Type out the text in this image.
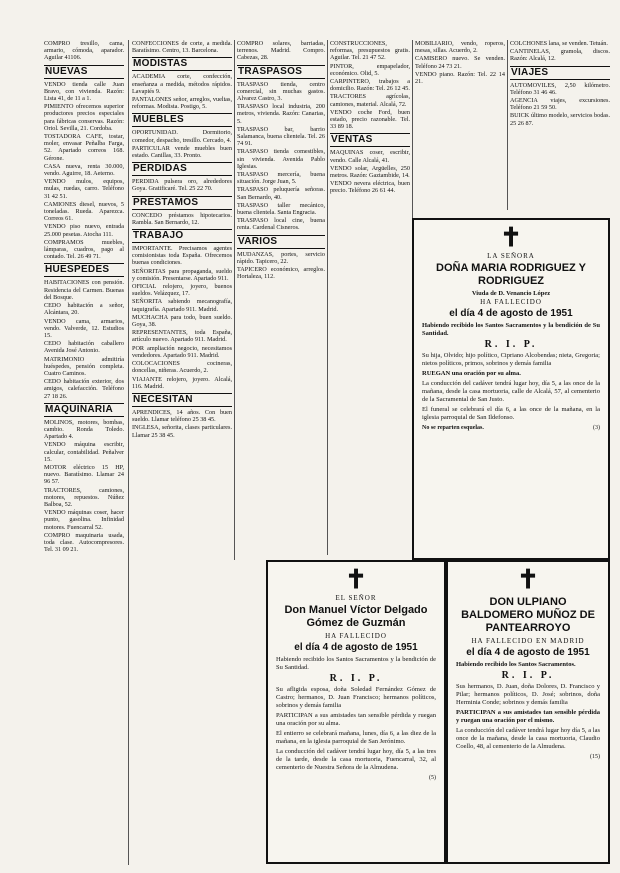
COMPRO tresillo, cama, armario, cómoda, aparador. Aguilar 41106.

ÑUEVAS

VENDO tienda calle Juan Bravo, con vivienda. Razón: Lista 41, de 11 a 1.

PIMIENTO ofrecemos superior productores precios especiales para fábricas conservas. Razón: Oriol. Sevilla, 21. Cordoba.

TOSTADORA CAFE, tostar, moler, envasar Peñalba Farga, 52. Apartado correos 168. Gérone.

CASA nueva, renta 30.000, vendo. Aguirre, 18. Aeterno.

VENDO mulos, equipos, mulas, ruedas, carro. Teléfono 31 42 51.

CAMIONES diesel, nuevos, 5 toneladas. Rueda. Aparezca. Correos 61.

VENDO piso nuevo, entrada 25.000 pesetas. Atocha 111.

COMPRAMOS muebles, lámparas, cuadros, pago al contado. Tel. 26 49 71.

HUESPEDES

HABITACIONES con pensión. Residencia del Carmen. Buenas del Bosque.

CEDO habitación a señor, Alcántara, 20.

VENDO cama, armarios, vendo. Valverde, 12. Estudios 15.

CEDO habitación caballero Avenida José Antonio.

MATRIMONIO admitiría huéspedes, pensión completa. Cuatro Caminos.

CEDO habitación exterior, dos amigos, calefacción. Teléfono 27 18 26.

MAQUINARIA

MOLINOS, motores, bombas, cambio. Ronda Toledo. Apartado 4.

VENDO máquina escribir, calcular, contabilidad. Peñalver 15.

MOTOR eléctrico 15 HP, nuevo. Baratísimo. Llamar 24 96 57.

TRACTORES, camiones, motores, repuestos. Núñez Balboa, 52.

VENDO máquinas coser, hacer punto, gasolina. Infinidad motores. Fuencarral 52.

COMPRO maquinaria usada, toda clase. Autocompresores. Tel. 31 09 21.

CONFECCIONES de corte, a medida. Baratísimo. Centro, 13. Barcelona.

MODISTAS

ACADEMIA corte, confección, enseñanza a medida, métodos rápidos. Lavapiés 9.

PANTALONES señor, arreglos, vueltas, reformas. Modista. Postigo, 5.

MUEBLES

OPORTUNIDAD. Dormitorio, comedor, despacho, tresillo. Cercado, 4.

PARTICULAR vende muebles buen estado. Canillas, 33. Pronto.

PERDIDAS

PERDIDA pulsera oro, alrededores Goya. Gratificaré. Tel. 25 22 70.

PRESTAMOS

CONCEDO préstamos hipotecarios. Rambla. San Bernardo, 12.

TRABAJO

IMPORTANTE. Precisamos agentes comisionistas toda España. Ofrecemos buenas condiciones.

SEÑORITAS para propaganda, sueldo y comisión. Presentarse. Apartado 911.

OFICIAL relojero, joyero, buenos sueldos. Velázquez, 17.

SEÑORITA sabiendo mecanografía, taquigrafía. Apartado 911. Madrid.

MUCHACHA para todo, buen sueldo. Goya, 38.

REPRESENTANTES, toda España, artículo nuevo. Apartado 911. Madrid.

POR ampliación negocio, necesitamos vendedores. Apartado 911. Madrid.

COLOCACIONES cocineras, doncellas, niñeras. Acuerdo, 2.

VIAJANTE relojero, joyero. Alcalá, 116. Madrid.

NECESITAN

APRENDICES, 14 años. Con buen sueldo. Llamar teléfono 25 38 45.

INGLESA, señorita, clases particulares. Llamar 25 38 45.

COMPRO solares, barriadas, terrenos. Madrid. Compro. Cabezas, 28.

TRASPASOS

TRASPASO tienda, centro comercial, sin muchas gastos. Alvarez Castro, 3.

TRASPASO local industria, 200 metros, vivienda. Razón: Canarias, 5.

TRASPASO bar, barrio Salamanca, buena clientela. Tel. 26 74 91.

TRASPASO tienda comestibles, sin vivienda. Avenida Pablo Iglesias.

TRASPASO mercería, buena situación. Jorge Juan, 5.

TRASPASO peluquería señoras. San Bernardo, 40.

TRASPASO taller mecánico, buena clientela. Santa Engracia.

TRASPASO local cine, buena renta. Cardenal Cisneros.

VARIOS

MUDANZAS, portes, servicio rápido. Tapicero, 22.

TAPICERO económico, arreglos. Hortaleza, 112.

CONSTRUCCIONES, reformas, presupuestos gratis. Aguilar. Tel. 21 47 52.

PINTOR, empapelador, económico. Olid, 5.

CARPINTERO, trabajos a domicilio. Razón: Tel. 26 12 45.

TRACTORES agrícolas, camiones, material. Alcalá, 72.

VENDO coche Ford, buen estado, precio razonable. Tel. 33 89 18.

VENTAS

MAQUINAS coser, escribir, vendo. Calle Alcalá, 41.

VENDO solar, Argüelles, 250 metros. Razón: Gaztambide, 14.

VENDO nevera eléctrica, buen precio. Teléfono 26 61 44.

MOBILIARIO, vendo, roperos, mesas, sillas. Acuerdo, 2.

CAMISERO nuevo. Se venden. Teléfono 24 73 21.

VENDO piano. Razón: Tel. 22 14 21.

COLCHONES lana, se venden. Tetuán.

CANTINELAS, gramola, discos. Razón: Alcalá, 12.

VIAJES

AUTOMOVILES, 2,50 kilómetro. Teléfono 31 46 46.

AGENCIA viajes, excursiones. Teléfono 21 59 50.

BUICK último modelo, servicios bodas. 25 26 87.

✝
LA SEÑORA
DOÑA MARIA RODRIGUEZ Y RODRIGUEZ
Viuda de D. Venancio López
HA FALLECIDO
el día 4 de agosto de 1951
Habiendo recibido los Santos Sacramentos y la bendición de Su Santidad.
R. I. P.
Su hija, Olvido; hijo político, Cipriano Alcobendas; nieta, Gregoria; nietos políticos, primos, sobrinos y demás familia
RUEGAN una oración por su alma.
La conducción del cadáver tendrá lugar hoy, día 5, a las once de la mañana, desde la casa mortuoria, calle de Alcalá, 57, al cementerio de la Sacramental de San Justo.
El funeral se celebrará el día 6, a las once de la mañana, en la iglesia parroquial de San Ildefonso.
No se reparten esquelas.	(3)
✝
EL SEÑOR
Don Manuel Víctor Delgado Gómez de Guzmán
HA FALLECIDO
el día 4 de agosto de 1951
Habiendo recibido los Santos Sacramentos y la bendición de Su Santidad.
R. I. P.
Su afligida esposa, doña Soledad Fernández Gómez de Castro; hermanos, D. Juan Francisco; hermanos políticos, sobrinos y demás familia
PARTICIPAN a sus amistades tan sensible pérdida y ruegan una oración por su alma.
El entierro se celebrará mañana, lunes, día 6, a las diez de la mañana, en la iglesia parroquial de San Jerónimo.
La conducción del cadáver tendrá lugar hoy, día 5, a las tres de la tarde, desde la casa mortuoria, Fuencarral, 32, al cementerio de Nuestra Señora de la Almudena.
(5)
✝
DON ULPIANO BALDOMERO MUÑOZ DE PANTEARROYO
HA FALLECIDO EN MADRID
el día 4 de agosto de 1951
Habiendo recibido los Santos Sacramentos.
R. I. P.
Sus hermanos, D. Juan, doña Dolores, D. Francisco y Pilar; hermanos políticos, D. José; sobrinos, doña Herminia Conde; sobrinos y demás familia
PARTICIPAN a sus amistades tan sensible pérdida y ruegan una oración por el mismo.
La conducción del cadáver tendrá lugar hoy día 5, a las once de la mañana, desde la casa mortuoria, Claudio Coello, 48, al cementerio de la Almudena.
(15)
